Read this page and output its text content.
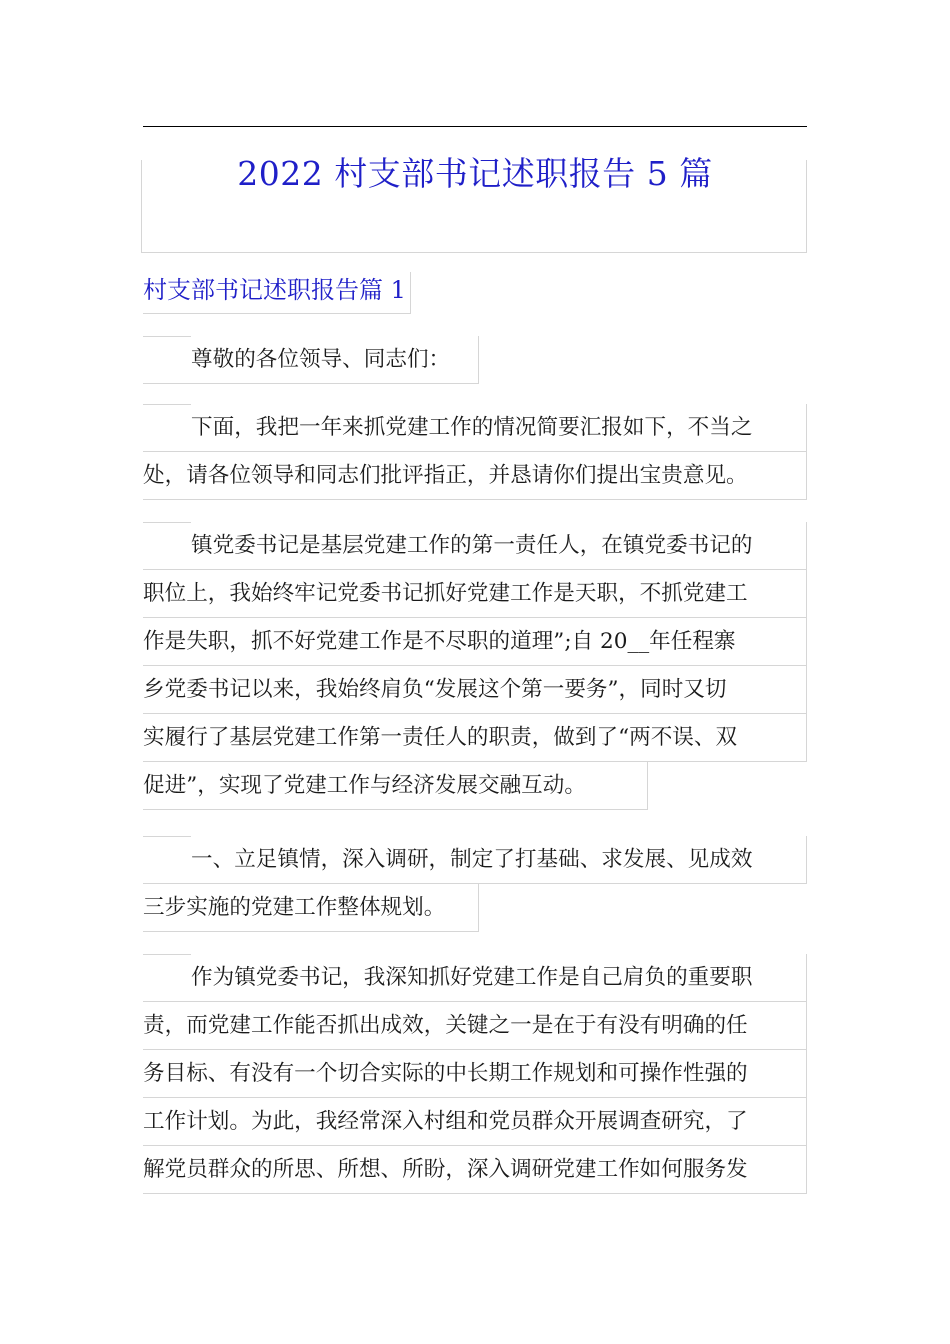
2022 村支部书记述职报告 5 篇
村支部书记述职报告篇 1
尊敬的各位领导、同志们：
下面，我把一年来抓党建工作的情况简要汇报如下，不当之
处，请各位领导和同志们批评指正，并恳请你们提出宝贵意见。
镇党委书记是基层党建工作的第一责任人，在镇党委书记的
职位上，我始终牢记党委书记抓好党建工作是天职，不抓党建工
作是失职，抓不好党建工作是不尽职的道理”;自 20__年任程寨
乡党委书记以来，我始终肩负“发展这个第一要务”，同时又切
实履行了基层党建工作第一责任人的职责，做到了“两不误、双
促进”，实现了党建工作与经济发展交融互动。
一、立足镇情，深入调研，制定了打基础、求发展、见成效
三步实施的党建工作整体规划。
作为镇党委书记，我深知抓好党建工作是自己肩负的重要职
责，而党建工作能否抓出成效，关键之一是在于有没有明确的任
务目标、有没有一个切合实际的中长期工作规划和可操作性强的
工作计划。为此，我经常深入村组和党员群众开展调查研究，了
解党员群众的所思、所想、所盼，深入调研党建工作如何服务发
